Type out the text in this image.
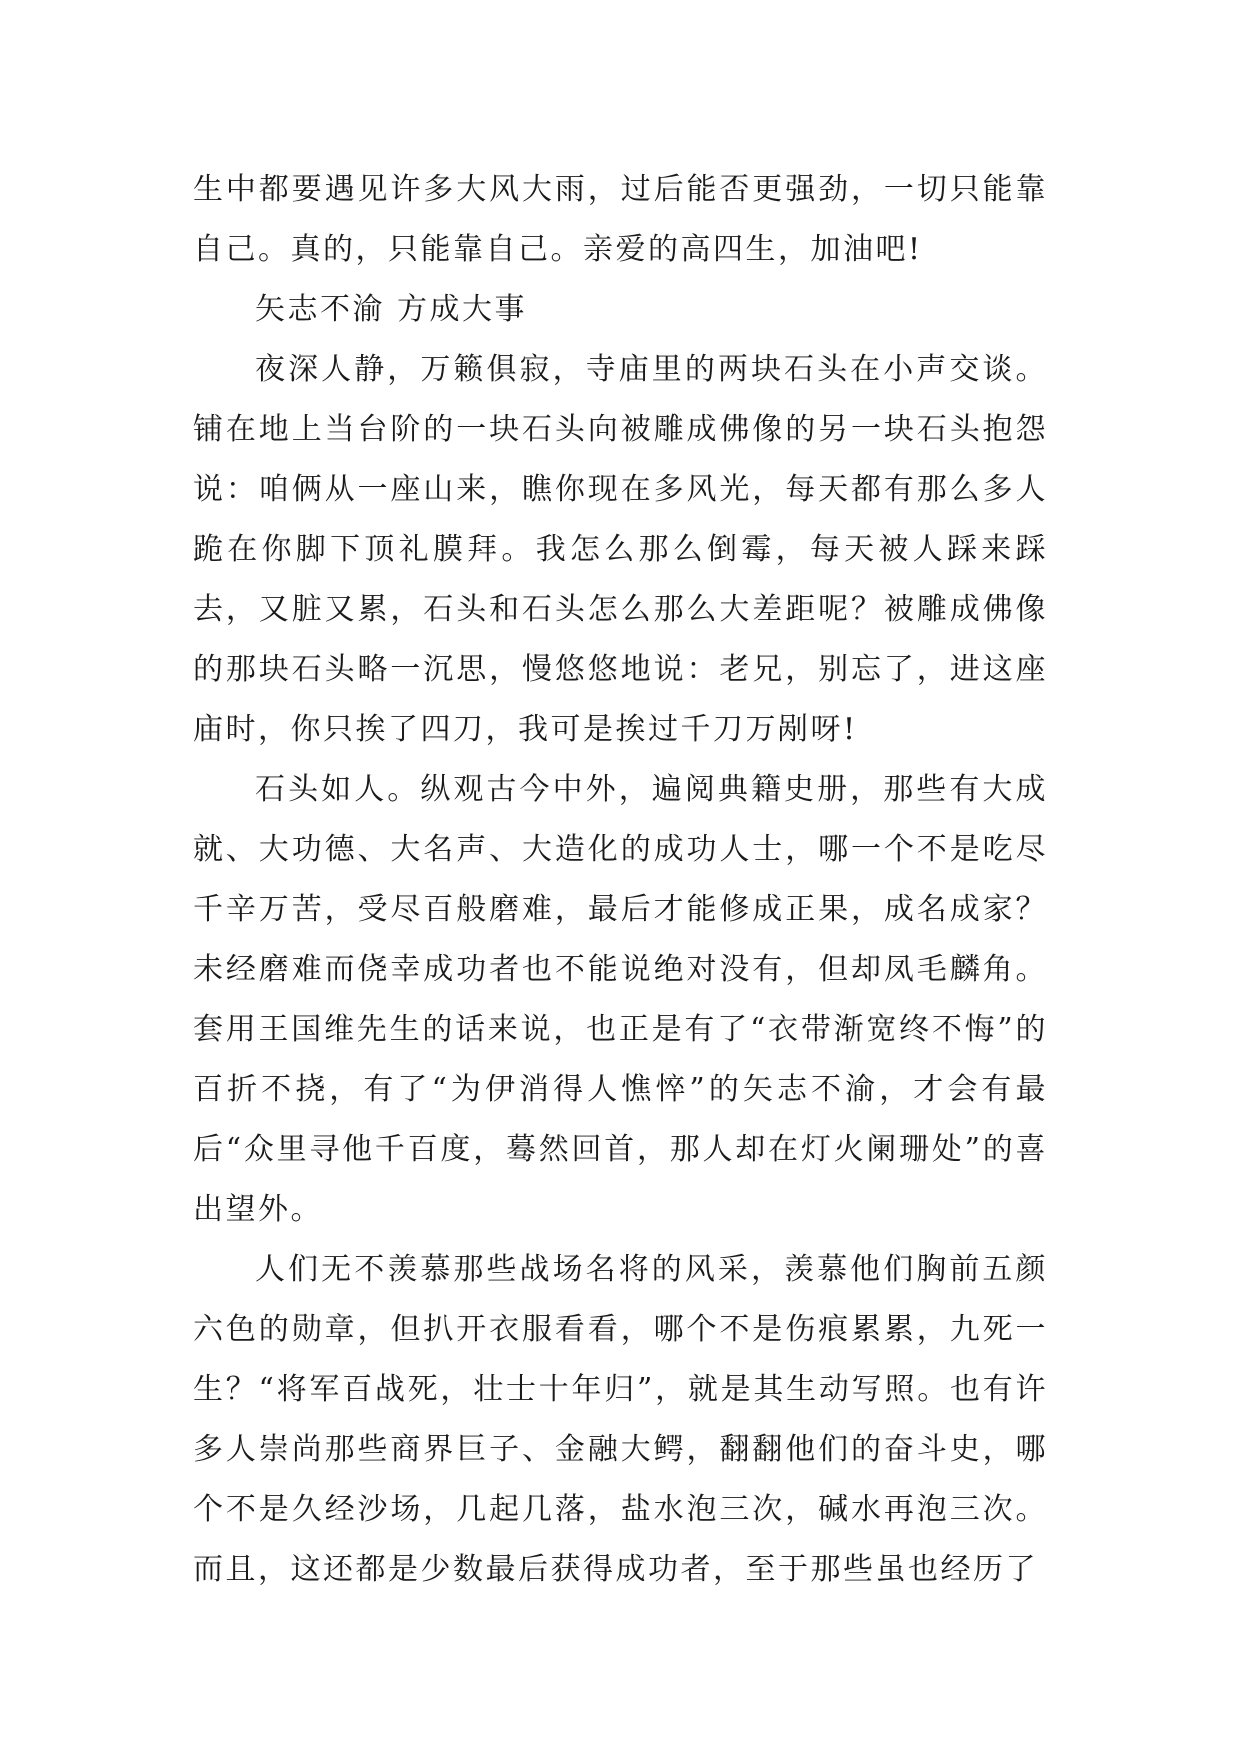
生中都要遇见许多大风大雨，过后能否更强劲，一切只能靠自己。真的，只能靠自己。亲爱的高四生，加油吧!

矢志不渝 方成大事

夜深人静，万籁俱寂，寺庙里的两块石头在小声交谈。铺在地上当台阶的一块石头向被雕成佛像的另一块石头抱怨说：咱俩从一座山来，瞧你现在多风光，每天都有那么多人跪在你脚下顶礼膜拜。我怎么那么倒霉，每天被人踩来踩去，又脏又累，石头和石头怎么那么大差距呢？被雕成佛像的那块石头略一沉思，慢悠悠地说：老兄，别忘了，进这座庙时，你只挨了四刀，我可是挨过千刀万剐呀!

石头如人。纵观古今中外，遍阅典籍史册，那些有大成就、大功德、大名声、大造化的成功人士，哪一个不是吃尽千辛万苦，受尽百般磨难，最后才能修成正果，成名成家？未经磨难而侥幸成功者也不能说绝对没有，但却凤毛麟角。套用王国维先生的话来说，也正是有了“衣带渐宽终不悔”的百折不挠，有了“为伊消得人憔悴”的矢志不渝，才会有最后“众里寻他千百度，蓦然回首，那人却在灯火阑珊处”的喜出望外。

人们无不羡慕那些战场名将的风采，羡慕他们胸前五颜六色的勋章，但扒开衣服看看，哪个不是伤痕累累，九死一生？“将军百战死，壮士十年归”，就是其生动写照。也有许多人崇尚那些商界巨子、金融大鳄，翻翻他们的奋斗史，哪个不是久经沙场，几起几落，盐水泡三次，碱水再泡三次。而且，这还都是少数最后获得成功者，至于那些虽也经历了
